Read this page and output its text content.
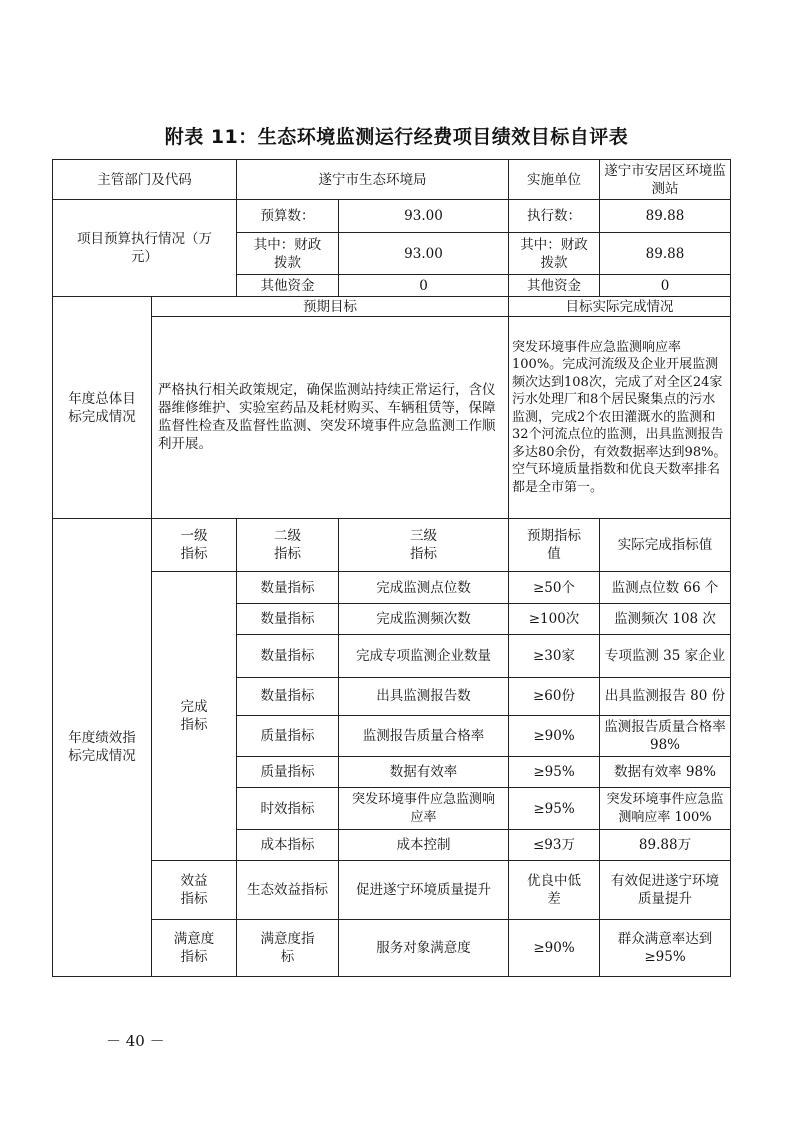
附表 11：生态环境监测运行经费项目绩效目标自评表
主管部门及代码		遂宁市生态环境局		实施单位	遂宁市安居区环境监测站
项目预算执行情况（万元）		预算数：	93.00	执行数：	89.88
		其中：财政拨款	93.00	其中：财政拨款	89.88
		其他资金	0	其他资金	0
年度总体目标完成情况	预期目标			目标实际完成情况	
	严格执行相关政策规定，确保监测站持续正常运行，含仪器维修维护、实验室药品及耗材购买、车辆租赁等，保障监督性检查及监督性监测、突发环境事件应急监测工作顺利开展。			突发环境事件应急监测响应率100%。完成河流级及企业开展监测频次达到108次，完成了对全区24家污水处理厂和8个居民聚集点的污水监测，完成2个农田灌溉水的监测和32个河流点位的监测，出具监测报告多达80余份，有效数据率达到98%。空气环境质量指数和优良天数率排名都是全市第一。	
年度绩效指标完成情况	一级指标	二级指标	三级指标	预期指标值	实际完成指标值
	完成指标	数量指标	完成监测点位数	≥50个	监测点位数 66 个
		数量指标	完成监测频次数	≥100次	监测频次 108 次
		数量指标	完成专项监测企业数量	≥30家	专项监测 35 家企业
		数量指标	出具监测报告数	≥60份	出具监测报告 80 份
		质量指标	监测报告质量合格率	≥90%	监测报告质量合格率 98%
		质量指标	数据有效率	≥95%	数据有效率 98%
		时效指标	突发环境事件应急监测响应率	≥95%	突发环境事件应急监测响应率 100%
		成本指标	成本控制	≤93万	89.88万
	效益指标	生态效益指标	促进遂宁环境质量提升	优良中低差	有效促进遂宁环境质量提升
	满意度指标	满意度指标	服务对象满意度	≥90%	群众满意率达到≥95%
－ 40 －
